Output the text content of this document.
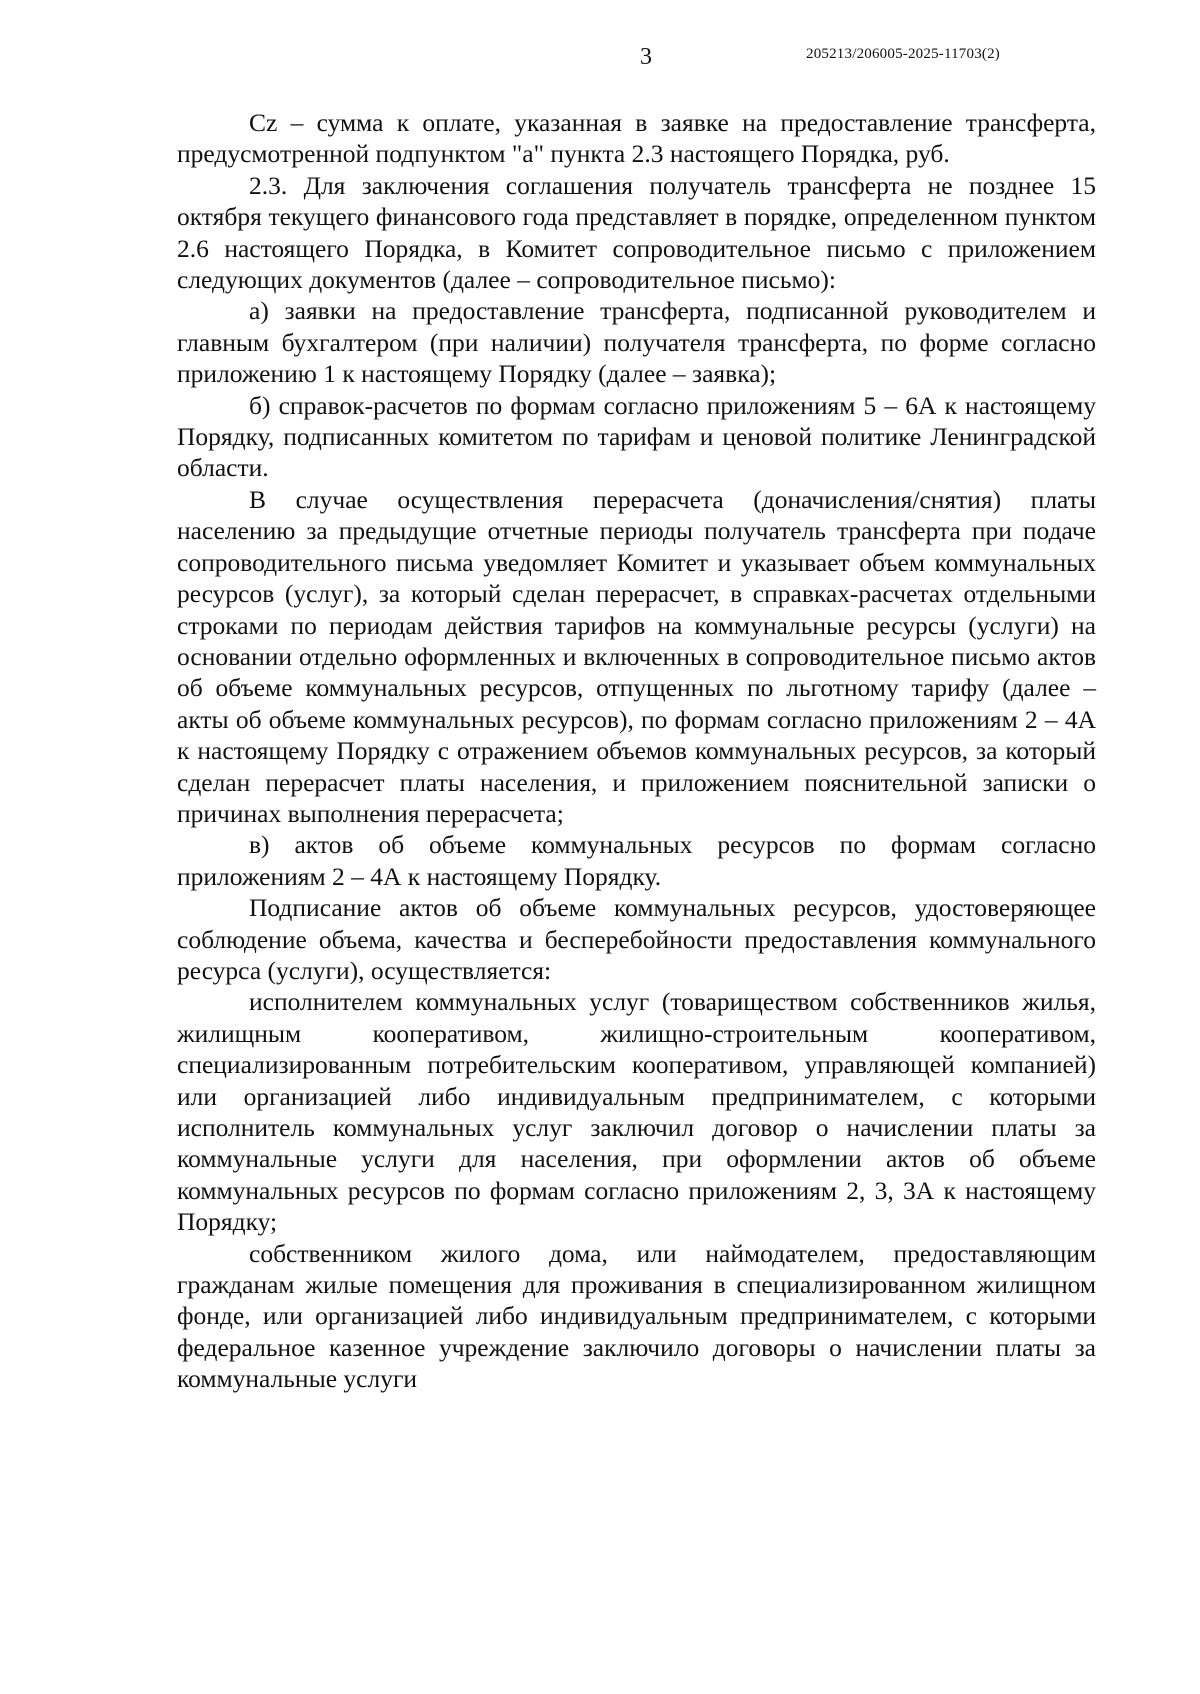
3	205213/206005-2025-11703(2)

Cz – сумма к оплате, указанная в заявке на предоставление трансферта, предусмотренной подпунктом "а" пункта 2.3 настоящего Порядка, руб.

2.3. Для заключения соглашения получатель трансферта не позднее 15 октября текущего финансового года представляет в порядке, определенном пунктом 2.6 настоящего Порядка, в Комитет сопроводительное письмо с приложением следующих документов (далее – сопроводительное письмо):

а) заявки на предоставление трансферта, подписанной руководителем и главным бухгалтером (при наличии) получателя трансферта, по форме согласно приложению 1 к настоящему Порядку (далее – заявка);

б) справок-расчетов по формам согласно приложениям 5 – 6А к настоящему Порядку, подписанных комитетом по тарифам и ценовой политике Ленинградской области.

В случае осуществления перерасчета (доначисления/снятия) платы населению за предыдущие отчетные периоды получатель трансферта при подаче сопроводительного письма уведомляет Комитет и указывает объем коммунальных ресурсов (услуг), за который сделан перерасчет, в справках-расчетах отдельными строками по периодам действия тарифов на коммунальные ресурсы (услуги) на основании отдельно оформленных и включенных в сопроводительное письмо актов об объеме коммунальных ресурсов, отпущенных по льготному тарифу (далее – акты об объеме коммунальных ресурсов), по формам согласно приложениям 2 – 4А к настоящему Порядку с отражением объемов коммунальных ресурсов, за который сделан перерасчет платы населения, и приложением пояснительной записки о причинах выполнения перерасчета;

в) актов об объеме коммунальных ресурсов по формам согласно приложениям 2 – 4А к настоящему Порядку.

Подписание актов об объеме коммунальных ресурсов, удостоверяющее соблюдение объема, качества и бесперебойности предоставления коммунального ресурса (услуги), осуществляется:

исполнителем коммунальных услуг (товариществом собственников жилья, жилищным кооперативом, жилищно-строительным кооперативом, специализированным потребительским кооперативом, управляющей компанией) или организацией либо индивидуальным предпринимателем, с которыми исполнитель коммунальных услуг заключил договор о начислении платы за коммунальные услуги для населения, при оформлении актов об объеме коммунальных ресурсов по формам согласно приложениям 2, 3, 3А к настоящему Порядку;

собственником жилого дома, или наймодателем, предоставляющим гражданам жилые помещения для проживания в специализированном жилищном фонде, или организацией либо индивидуальным предпринимателем, с которыми федеральное казенное учреждение заключило договоры о начислении платы за коммунальные услуги
